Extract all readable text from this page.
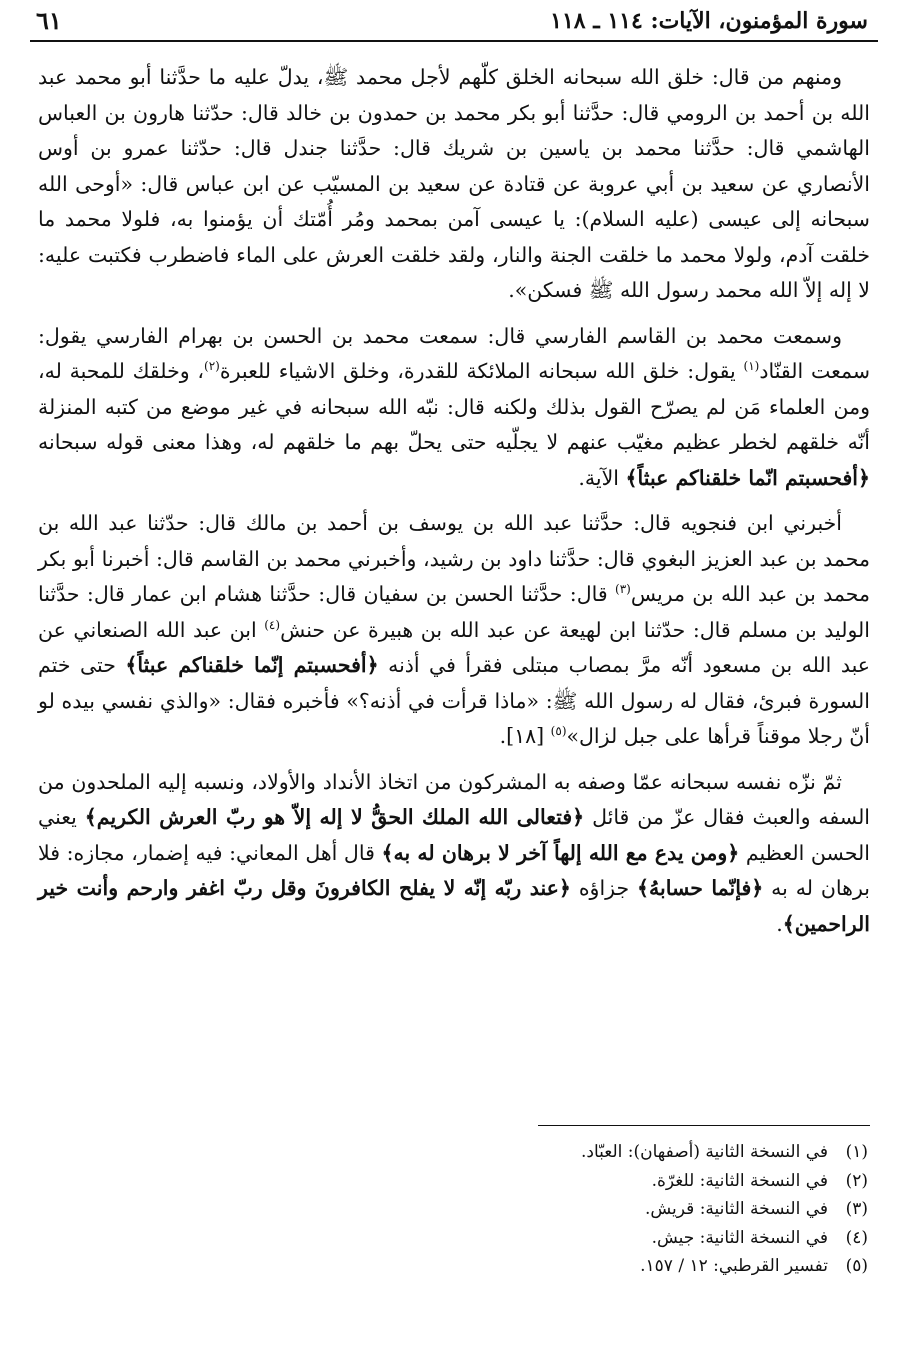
سورة المؤمنون، الآيات: ١١٤ ـ ١١٨
٦١

ومنهم من قال: خلق الله سبحانه الخلق كلّهم لأجل محمد ﷺ، يدلّ عليه ما حدَّثنا أبو محمد عبد الله بن أحمد بن الرومي قال: حدَّثنا أبو بكر محمد بن حمدون بن خالد قال: حدّثنا هارون بن العباس الهاشمي قال: حدَّثنا محمد بن ياسين بن شريك قال: حدَّثنا جندل قال: حدّثنا عمرو بن أوس الأنصاري عن سعيد بن أبي عروبة عن قتادة عن سعيد بن المسيّب عن ابن عباس قال: «أوحى الله سبحانه إلى عيسى (عليه السلام): يا عيسى آمن بمحمد ومُر أُمّتك أن يؤمنوا به، فلولا محمد ما خلقت آدم، ولولا محمد ما خلقت الجنة والنار، ولقد خلقت العرش على الماء فاضطرب فكتبت عليه: لا إله إلاّ الله محمد رسول الله ﷺ فسكن».

وسمعت محمد بن القاسم الفارسي قال: سمعت محمد بن الحسن بن بهرام الفارسي يقول: سمعت القنّاد$^{(١)}$ يقول: خلق الله سبحانه الملائكة للقدرة، وخلق الاشياء للعبرة$^{(٢)}$، وخلقك للمحبة له، ومن العلماء مَن لم يصرّح القول بذلك ولكنه قال: نبّه الله سبحانه في غير موضع من كتبه المنزلة أنّه خلقهم لخطر عظيم مغيّب عنهم لا يجلّيه حتى يحلّ بهم ما خلقهم له، وهذا معنى قوله سبحانه ﴿أفحسبتم انّما خلقناكم عبثاً﴾ الآية.

أخبرني ابن فنجويه قال: حدَّثنا عبد الله بن يوسف بن أحمد بن مالك قال: حدّثنا عبد الله بن محمد بن عبد العزيز البغوي قال: حدَّثنا داود بن رشيد، وأخبرني محمد بن القاسم قال: أخبرنا أبو بكر محمد بن عبد الله بن مريس$^{(٣)}$ قال: حدَّثنا الحسن بن سفيان قال: حدَّثنا هشام ابن عمار قال: حدَّثنا الوليد بن مسلم قال: حدّثنا ابن لهيعة عن عبد الله بن هبيرة عن حنش$^{(٤)}$ ابن عبد الله الصنعاني عن عبد الله بن مسعود أنّه مرَّ بمصاب مبتلى فقرأ في أذنه ﴿أفحسبتم إنّما خلقناكم عبثاً﴾ حتى ختم السورة فبرئ، فقال له رسول الله ﷺ: «ماذا قرأت في أذنه؟» فأخبره فقال: «والذي نفسي بيده لو أنّ رجلا موقناً قرأها على جبل لزال»$^{(٥)}$ [١٨].

ثمّ نزّه نفسه سبحانه عمّا وصفه به المشركون من اتخاذ الأنداد والأولاد، ونسبه إليه الملحدون من السفه والعبث فقال عزّ من قائل ﴿فتعالى الله الملك الحقُّ لا إله إلاّ هو ربّ العرش الكريم﴾ يعني الحسن العظيم ﴿ومن يدع مع الله إلهاً آخر لا برهان له به﴾ قال أهل المعاني: فيه إضمار، مجازه: فلا برهان له به ﴿فإنّما حسابهُ﴾ جزاؤه ﴿عند ربّه إنّه لا يفلح الكافرونَ وقل ربّ اغفر وارحم وأنت خير الراحمين﴾.

(١)في النسخة الثانية (أصفهان): العبّاد.
(٢)في النسخة الثانية: للغرّة.
(٣)في النسخة الثانية: قريش.
(٤)في النسخة الثانية: جيش.
(٥)تفسير القرطبي: ١٢ / ١٥٧.
